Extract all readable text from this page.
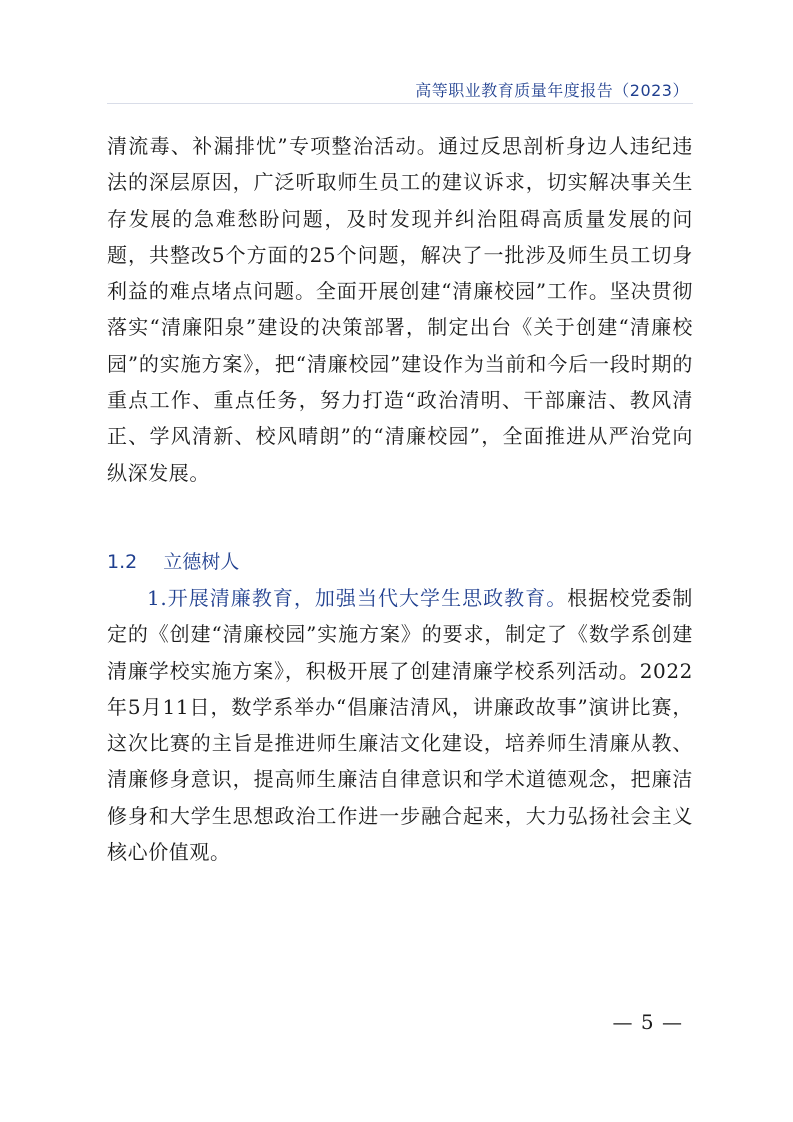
高等职业教育质量年度报告（2023）

清流毒、补漏排忧”专项整治活动。通过反思剖析身边人违纪违法的深层原因，广泛听取师生员工的建议诉求，切实解决事关生存发展的急难愁盼问题，及时发现并纠治阻碍高质量发展的问题，共整改5个方面的25个问题，解决了一批涉及师生员工切身利益的难点堵点问题。全面开展创建“清廉校园”工作。坚决贯彻落实“清廉阳泉”建设的决策部署，制定出台《关于创建“清廉校园”的实施方案》，把“清廉校园”建设作为当前和今后一段时期的重点工作、重点任务，努力打造“政治清明、干部廉洁、教风清正、学风清新、校风晴朗”的“清廉校园”，全面推进从严治党向纵深发展。

1.2 立德树人

1.开展清廉教育，加强当代大学生思政教育。根据校党委制定的《创建“清廉校园”实施方案》的要求，制定了《数学系创建清廉学校实施方案》，积极开展了创建清廉学校系列活动。2022年5月11日，数学系举办“倡廉洁清风，讲廉政故事”演讲比赛，这次比赛的主旨是推进师生廉洁文化建设，培养师生清廉从教、清廉修身意识，提高师生廉洁自律意识和学术道德观念，把廉洁修身和大学生思想政治工作进一步融合起来，大力弘扬社会主义核心价值观。

— 5 —
